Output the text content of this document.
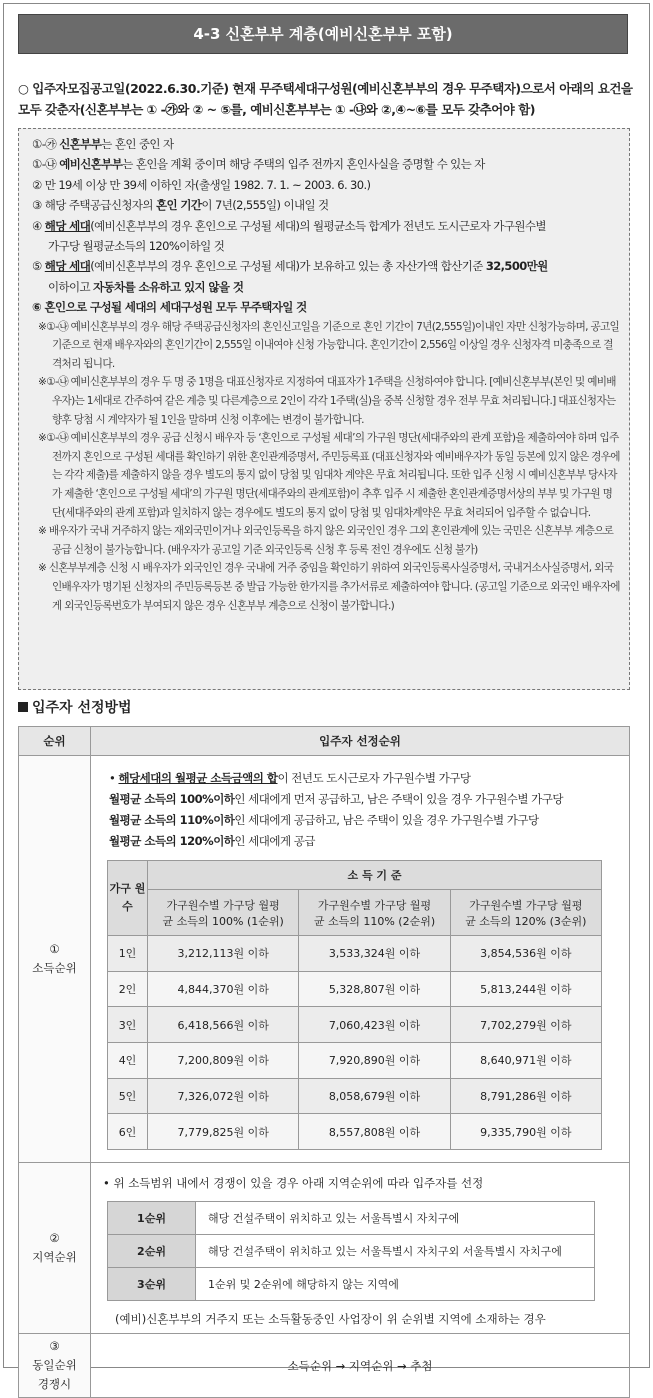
4-3 신혼부부 계층(예비신혼부부 포함)
○ 입주자모집공고일(2022.6.30.기준) 현재 무주택세대구성원(예비신혼부부의 경우 무주택자)으로서 아래의 요건을 모두 갖춘자(신혼부부는 ① -㉮와 ② ~ ⑤를, 예비신혼부부는 ① -㉯와 ②,④~⑥를 모두 갖추어야 함)
①-㉮ 신혼부부는 혼인 중인 자
①-㉯ 예비신혼부부는 혼인을 계획 중이며 해당 주택의 입주 전까지 혼인사실을 증명할 수 있는 자
② 만 19세 이상 만 39세 이하인 자(출생일 1982. 7. 1. ~ 2003. 6. 30.)
③ 해당 주택공급신청자의 혼인 기간이 7년(2,555일) 이내일 것
④ 해당 세대(예비신혼부부의 경우 혼인으로 구성될 세대)의 월평균소득 합계가 전년도 도시근로자 가구원수별
가구당 월평균소득의 120%이하일 것
⑤ 해당 세대(예비신혼부부의 경우 혼인으로 구성될 세대)가 보유하고 있는 총 자산가액 합산기준 32,500만원
이하이고 자동차를 소유하고 있지 않을 것
⑥ 혼인으로 구성될 세대의 세대구성원 모두 무주택자일 것
※①-㉯ 예비신혼부부의 경우 해당 주택공급신청자의 혼인신고일을 기준으로 혼인 기간이 7년(2,555일)이내인 자만 신청가능하며, 공고일 기준으로 현재 배우자와의 혼인기간이 2,555일 이내여야 신청 가능합니다. 혼인기간이 2,556일 이상일 경우 신청자격 미충족으로 결격처리 됩니다.
※①-㉯ 예비신혼부부의 경우 두 명 중 1명을 대표신청자로 지정하여 대표자가 1주택을 신청하여야 합니다. [예비신혼부부(본인 및 예비배우자)는 1세대로 간주하여 같은 계층 및 다른계층으로 2인이 각각 1주택(실)을 중복 신청할 경우 전부 무효 처리됩니다.] 대표신청자는 향후 당첨 시 계약자가 될 1인을 말하며 신청 이후에는 변경이 불가합니다.
※①-㉯ 예비신혼부부의 경우 공급 신청시 배우자 등 ‘혼인으로 구성될 세대’의 가구원 명단(세대주와의 관계 포함)을 제출하여야 하며 입주 전까지 혼인으로 구성된 세대를 확인하기 위한 혼인관계증명서, 주민등록표 (대표신청자와 예비배우자가 동일 등본에 있지 않은 경우에는 각각 제출)를 제출하지 않을 경우 별도의 통지 없이 당첨 및 임대차 계약은 무효 처리됩니다. 또한 입주 신청 시 예비신혼부부 당사자가 제출한 ‘혼인으로 구성될 세대’의 가구원 명단(세대주와의 관계포함)이 추후 입주 시 제출한 혼인관계증명서상의 부부 및 가구원 명단(세대주와의 관계 포함)과 일치하지 않는 경우에도 별도의 통지 없이 당첨 및 임대차계약은 무효 처리되어 입주할 수 없습니다.
※ 배우자가 국내 거주하지 않는 재외국민이거나 외국인등록을 하지 않은 외국인인 경우 그외 혼인관계에 있는 국민은 신혼부부 계층으로 공급 신청이 불가능합니다. (배우자가 공고일 기준 외국인등록 신청 후 등록 전인 경우에도 신청 불가)
※ 신혼부부계층 신청 시 배우자가 외국인인 경우 국내에 거주 중임을 확인하기 위하여 외국인등록사실증명서, 국내거소사실증명서, 외국인배우자가 명기된 신청자의 주민등록등본 중 발급 가능한 한가지를 추가서류로 제출하여야 합니다. (공고일 기준으로 외국인 배우자에게 외국인등록번호가 부여되지 않은 경우 신혼부부 계층으로 신청이 불가합니다.)
입주자 선정방법
순위	입주자 선정순위
①
소득순위	
• 해당세대의 월평균 소득금액의 합이 전년도 도시근로자 가구원수별 가구당
월평균 소득의 100%이하인 세대에게 먼저 공급하고, 남은 주택이 있을 경우 가구원수별 가구당
월평균 소득의 110%이하인 세대에게 공급하고, 남은 주택이 있을 경우 가구원수별 가구당
월평균 소득의 120%이하인 세대에게 공급
가구 원수	소 득 기 준
가구원수별 가구당 월평균 소득의 100% (1순위)	가구원수별 가구당 월평균 소득의 110% (2순위)	가구원수별 가구당 월평균 소득의 120% (3순위)
1인	3,212,113원 이하	3,533,324원 이하	3,854,536원 이하
2인	4,844,370원 이하	5,328,807원 이하	5,813,244원 이하
3인	6,418,566원 이하	7,060,423원 이하	7,702,279원 이하
4인	7,200,809원 이하	7,920,890원 이하	8,640,971원 이하
5인	7,326,072원 이하	8,058,679원 이하	8,791,286원 이하
6인	7,779,825원 이하	8,557,808원 이하	9,335,790원 이하

②
지역순위	
• 위 소득범위 내에서 경쟁이 있을 경우 아래 지역순위에 따라 입주자를 선정
1순위	해당 건설주택이 위치하고 있는 서울특별시 자치구에
2순위	해당 건설주택이 위치하고 있는 서울특별시 자치구외 서울특별시 자치구에
3순위	1순위 및 2순위에 해당하지 않는 지역에
(예비)신혼부부의 거주지 또는 소득활동중인 사업장이 위 순위별 지역에 소재하는 경우

③
동일순위
경쟁시	소득순위 → 지역순위 → 추첨
